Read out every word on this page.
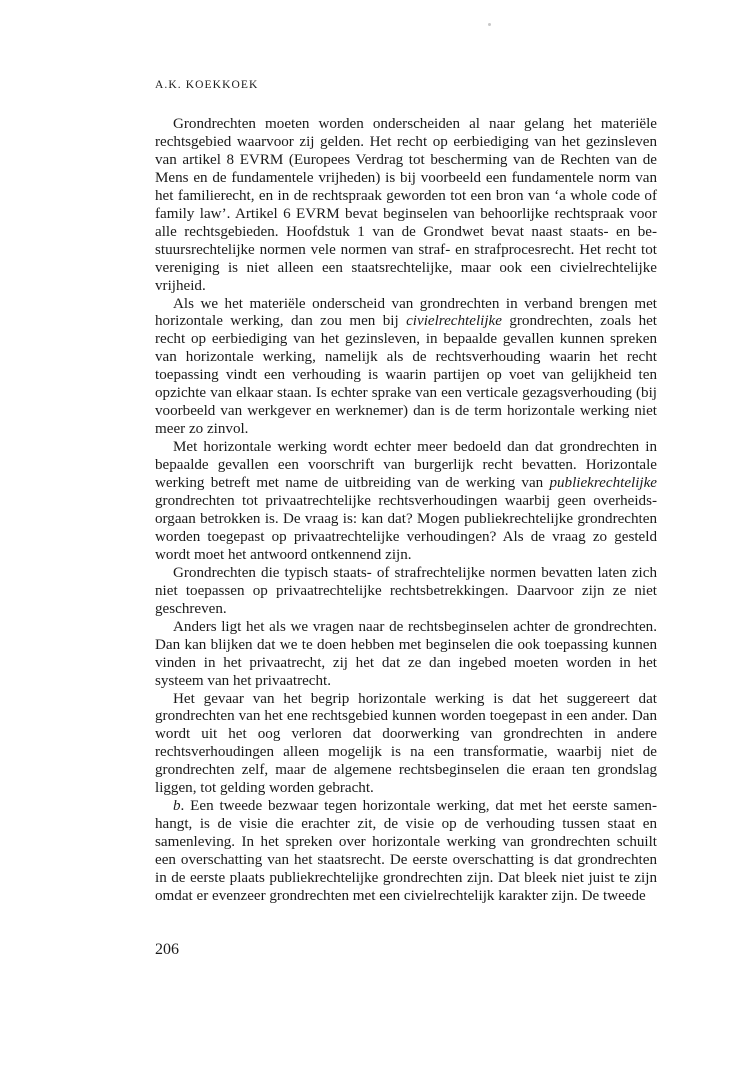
A.K. KOEKKOEK

Grondrechten moeten worden onderscheiden al naar gelang het materiële rechtsgebied waarvoor zij gelden. Het recht op eerbiediging van het gezinsleven van artikel 8 EVRM (Europees Verdrag tot bescherming van de Rechten van de Mens en de fundamentele vrijheden) is bij voorbeeld een fundamentele norm van het familierecht, en in de rechtspraak geworden tot een bron van ‘a whole code of family law’. Artikel 6 EVRM bevat beginselen van behoorlijke rechtspraak voor alle rechtsgebieden. Hoofdstuk 1 van de Grondwet bevat naast staats- en bestuursrechtelijke normen vele normen van straf- en strafprocesrecht. Het recht tot vereniging is niet alleen een staatsrechtelijke, maar ook een civielrechtelijke vrijheid.

Als we het materiële onderscheid van grondrechten in verband brengen met horizontale werking, dan zou men bij civielrechtelijke grondrechten, zoals het recht op eerbiediging van het gezinsleven, in bepaalde gevallen kunnen spreken van horizontale werking, namelijk als de rechtsverhouding waarin het recht toepassing vindt een verhouding is waarin partijen op voet van gelijkheid ten opzichte van elkaar staan. Is echter sprake van een verticale gezagsverhouding (bij voorbeeld van werkgever en werknemer) dan is de term horizontale werking niet meer zo zinvol.

Met horizontale werking wordt echter meer bedoeld dan dat grondrechten in bepaalde gevallen een voorschrift van burgerlijk recht bevatten. Horizontale werking betreft met name de uitbreiding van de werking van publiekrechtelijke grondrechten tot privaatrechtelijke rechtsverhoudingen waarbij geen overheidsorgaan betrokken is. De vraag is: kan dat? Mogen publiekrechtelijke grondrechten worden toegepast op privaatrechtelijke verhoudingen? Als de vraag zo gesteld wordt moet het antwoord ontkennend zijn.

Grondrechten die typisch staats- of strafrechtelijke normen bevatten laten zich niet toepassen op privaatrechtelijke rechtsbetrekkingen. Daarvoor zijn ze niet geschreven.

Anders ligt het als we vragen naar de rechtsbeginselen achter de grondrechten. Dan kan blijken dat we te doen hebben met beginselen die ook toepassing kunnen vinden in het privaatrecht, zij het dat ze dan ingebed moeten worden in het systeem van het privaatrecht.

Het gevaar van het begrip horizontale werking is dat het suggereert dat grondrechten van het ene rechtsgebied kunnen worden toegepast in een ander. Dan wordt uit het oog verloren dat doorwerking van grondrechten in andere rechtsverhoudingen alleen mogelijk is na een transformatie, waarbij niet de grondrechten zelf, maar de algemene rechtsbeginselen die eraan ten grondslag liggen, tot gelding worden gebracht.

b. Een tweede bezwaar tegen horizontale werking, dat met het eerste samenhangt, is de visie die erachter zit, de visie op de verhouding tussen staat en samenleving. In het spreken over horizontale werking van grondrechten schuilt een overschatting van het staatsrecht. De eerste overschatting is dat grondrechten in de eerste plaats publiekrechtelijke grondrechten zijn. Dat bleek niet juist te zijn omdat er evenzeer grondrechten met een civielrechtelijk karakter zijn. De tweede

206
